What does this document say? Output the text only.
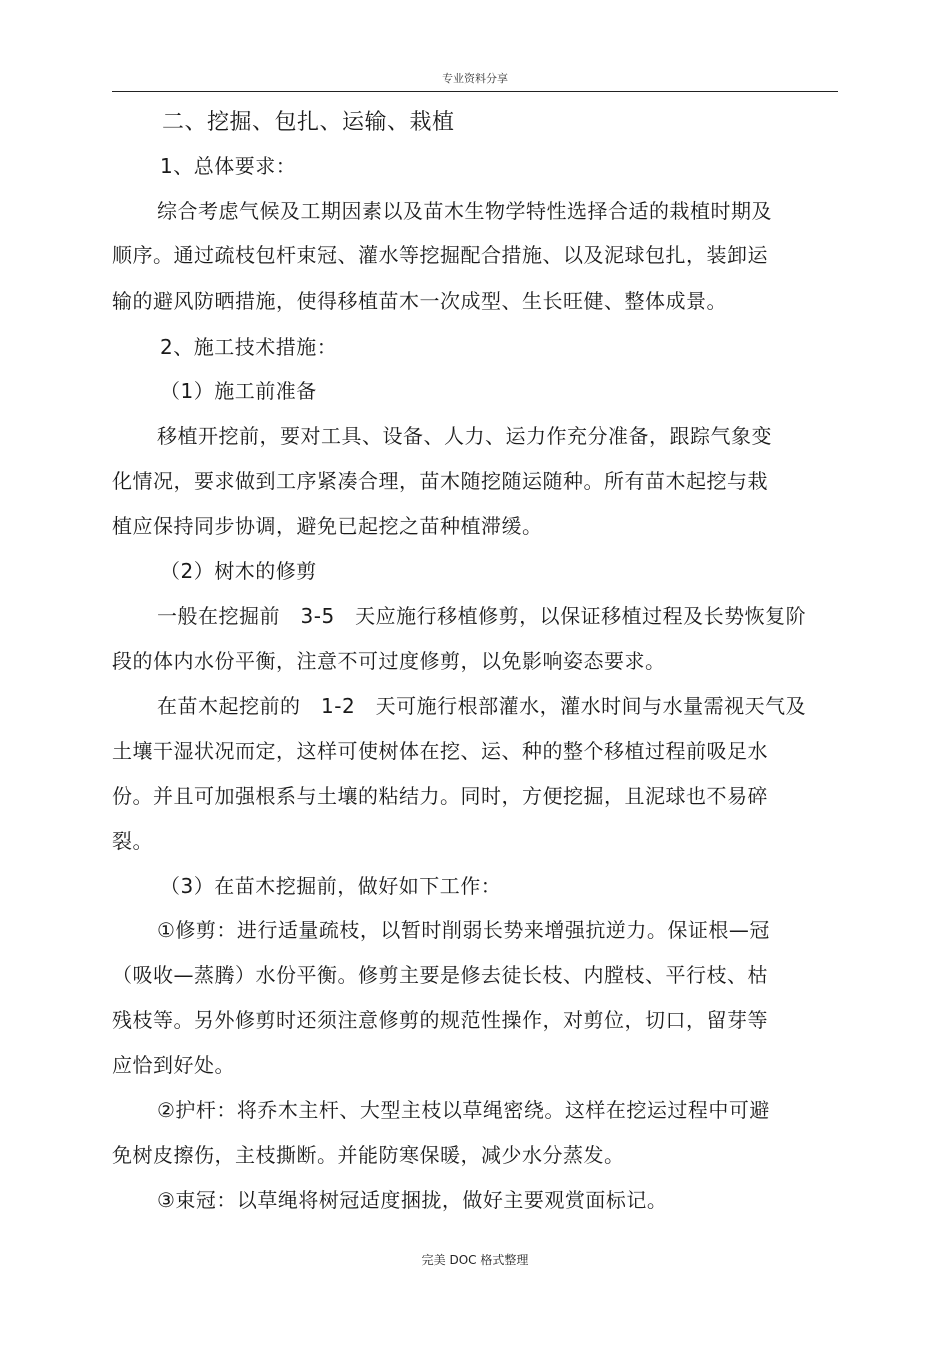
专业资料分享
二、挖掘、包扎、运输、栽植
1、总体要求：
综合考虑气候及工期因素以及苗木生物学特性选择合适的栽植时期及
顺序。通过疏枝包杆束冠、灌水等挖掘配合措施、以及泥球包扎，装卸运
输的避风防晒措施，使得移植苗木一次成型、生长旺健、整体成景。
2、施工技术措施：
（1）施工前准备
移植开挖前，要对工具、设备、人力、运力作充分准备，跟踪气象变
化情况，要求做到工序紧凑合理，苗木随挖随运随种。所有苗木起挖与栽
植应保持同步协调，避免已起挖之苗种植滞缓。
（2）树木的修剪
一般在挖掘前　3-5　天应施行移植修剪，以保证移植过程及长势恢复阶
段的体内水份平衡，注意不可过度修剪，以免影响姿态要求。
在苗木起挖前的　1-2　天可施行根部灌水，灌水时间与水量需视天气及
土壤干湿状况而定，这样可使树体在挖、运、种的整个移植过程前吸足水
份。并且可加强根系与土壤的粘结力。同时，方便挖掘，且泥球也不易碎
裂。
（3）在苗木挖掘前，做好如下工作：
①修剪：进行适量疏枝，以暂时削弱长势来增强抗逆力。保证根—冠
（吸收—蒸腾）水份平衡。修剪主要是修去徒长枝、内膛枝、平行枝、枯
残枝等。另外修剪时还须注意修剪的规范性操作，对剪位，切口，留芽等
应恰到好处。
②护杆：将乔木主杆、大型主枝以草绳密绕。这样在挖运过程中可避
免树皮擦伤，主枝撕断。并能防寒保暖，减少水分蒸发。
③束冠：以草绳将树冠适度捆拢，做好主要观赏面标记。
完美 DOC 格式整理
